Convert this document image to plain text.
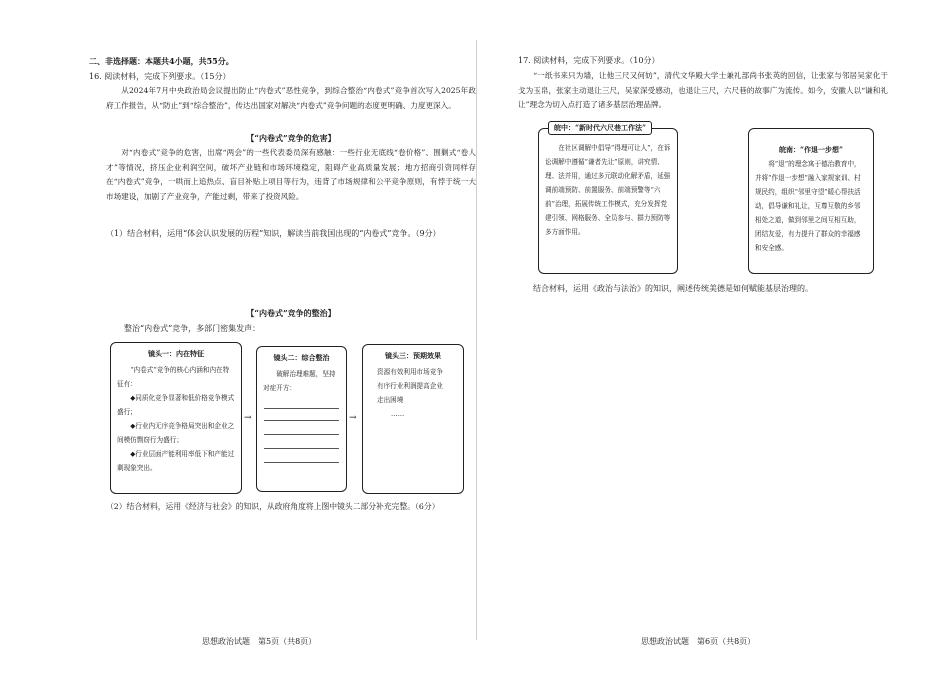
二、非选择题：本题共4小题，共55分。

16. 阅读材料，完成下列要求。（15分）

从2024年7月中央政治局会议提出防止“内卷式”恶性竞争，到综合整治“内卷式”竞争首次写入2025年政府工作报告，从“防止”到“综合整治”，传达出国家对解决“内卷式”竞争问题的态度更明确、力度更深入。

【“内卷式”竞争的危害】

对“内卷式”竞争的危害，出席“两会”的一些代表委员深有感触：一些行业无底线“卷价格”、围剿式“卷人才”等情况，挤压企业利润空间，破坏产业链和市场环境稳定，阻碍产业高质量发展；地方招商引资同样存在“内卷式”竞争，一哄而上追热点、盲目补贴上项目等行为，违背了市场规律和公平竞争原则，有悖于统一大市场建设，加剧了产业竞争，产能过剩，带来了投资风险。

（1）结合材料，运用“体会认识发展的历程”知识，解读当前我国出现的“内卷式”竞争。（9分）

【“内卷式”竞争的整治】

整治“内卷式”竞争，多部门密集发声：

镜头一：内在特征

“内卷式”竞争的核心内涵和内在特征有：

◆同质化竞争显著和低价格竞争模式盛行；

◆行业内无序竞争格局突出和企业之间模仿剽窃行为盛行；

◆行业层面产能利用率低下和产能过剩现象突出。

→
镜头二：综合整治

破解治理难题，坚持对症开方：

→
镜头三：预期效果

资源有效利用市场竞争有序行业利润提高企业走出困境

……

（2）结合材料，运用《经济与社会》的知识，从政府角度将上图中镜头二部分补充完整。（6分）

思想政治试题　第5页（共8页）

17. 阅读材料，完成下列要求。（10分）

“一纸书来只为墙，让他三尺又何妨”，清代文华殿大学士兼礼部尚书张英的回信，让张家与邻居吴家化干戈为玉帛，张家主动退让三尺，吴家深受感动，也退让三尺，六尺巷的故事广为流传。如今，安徽人以“谦和礼让”理念为切入点打造了诸多基层治理品牌。

在社区调解中倡导“得理可让人”，在诉讼调解中遵循“谦者先让”原则，讲究情、理、法并用，通过多元联动化解矛盾，延强调前端预防、前置服务、前端预警等“六前”治理，拓展传统工作模式，充分发挥党建引领、网格服务、全员参与、群力预防等多方面作用。

皖中：“新时代六尺巷工作法”
皖南：“作退一步想”

将“退”的理念寓于德治教育中，并将“作退一步想”融入家规家训、村规民约，组织“邻里守望”暖心帮扶活动，倡导谦和礼让，互尊互敬的乡邻相处之道，做到邻里之间互相互助，团结友爱，有力提升了群众的幸福感和安全感。

结合材料，运用《政治与法治》的知识，阐述传统美德是如何赋能基层治理的。

思想政治试题　第6页（共8页）
